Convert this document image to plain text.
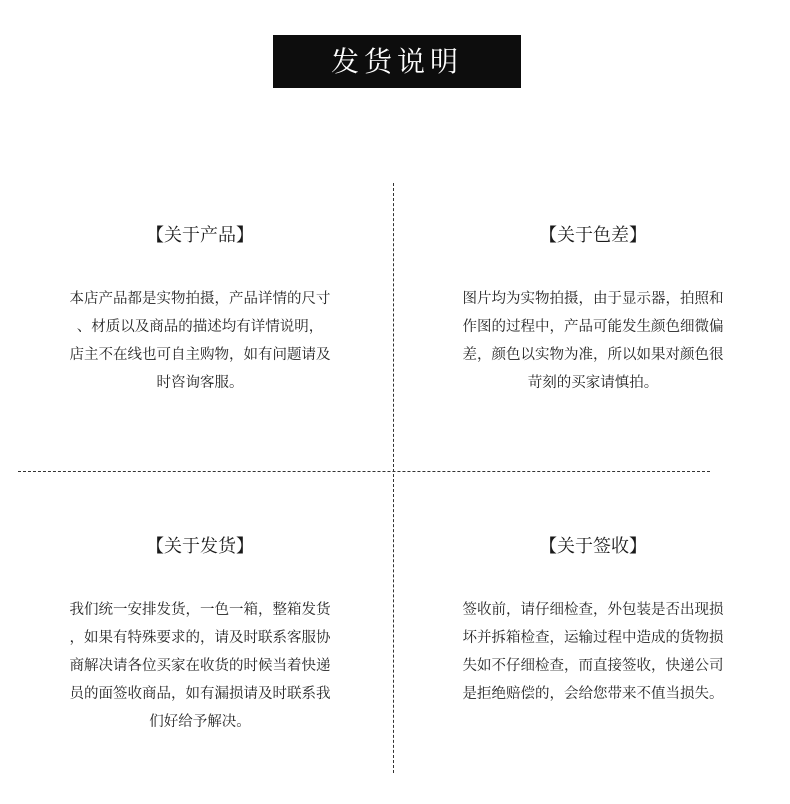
发货说明
【关于产品】
本店产品都是实物拍摄，产品详情的尺寸
、材质以及商品的描述均有详情说明，
店主不在线也可自主购物，如有问题请及
时咨询客服。
【关于色差】
图片均为实物拍摄，由于显示器，拍照和
作图的过程中，产品可能发生颜色细微偏
差，颜色以实物为准，所以如果对颜色很
苛刻的买家请慎拍。
【关于发货】
我们统一安排发货，一色一箱，整箱发货
，如果有特殊要求的，请及时联系客服协
商解决请各位买家在收货的时候当着快递
员的面签收商品，如有漏损请及时联系我
们好给予解决。
【关于签收】
签收前，请仔细检查，外包装是否出现损
坏并拆箱检查，运输过程中造成的货物损
失如不仔细检查，而直接签收，快递公司
是拒绝赔偿的，会给您带来不值当损失。
